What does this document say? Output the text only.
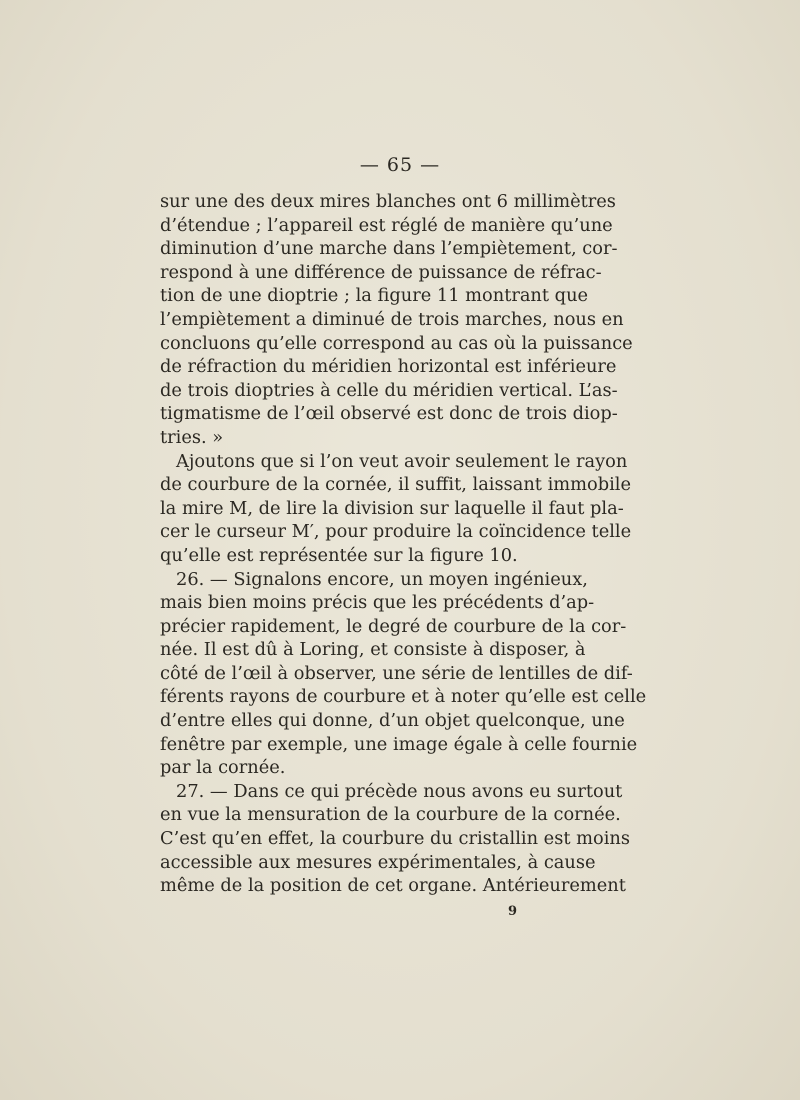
— 65 —
sur une des deux mires blanches ont 6 millimètres
d’étendue ; l’appareil est réglé de manière qu’une
diminution d’une marche dans l’empiètement, cor-
respond à une différence de puissance de réfrac-
tion de une dioptrie ; la figure 11 montrant que
l’empiètement a diminué de trois marches, nous en
concluons qu’elle correspond au cas où la puissance
de réfraction du méridien horizontal est inférieure
de trois dioptries à celle du méridien vertical. L’as-
tigmatisme de l’œil observé est donc de trois diop-
tries. »
Ajoutons que si l’on veut avoir seulement le rayon
de courbure de la cornée, il suffit, laissant immobile
la mire M, de lire la division sur laquelle il faut pla-
cer le curseur M′, pour produire la coïncidence telle
qu’elle est représentée sur la figure 10.
26. — Signalons encore, un moyen ingénieux,
mais bien moins précis que les précédents d’ap-
précier rapidement, le degré de courbure de la cor-
née. Il est dû à Loring, et consiste à disposer, à
côté de l’œil à observer, une série de lentilles de dif-
férents rayons de courbure et à noter qu’elle est celle
d’entre elles qui donne, d’un objet quelconque, une
fenêtre par exemple, une image égale à celle fournie
par la cornée.
27. — Dans ce qui précède nous avons eu surtout
en vue la mensuration de la courbure de la cornée.
C’est qu’en effet, la courbure du cristallin est moins
accessible aux mesures expérimentales, à cause
même de la position de cet organe. Antérieurement
9
